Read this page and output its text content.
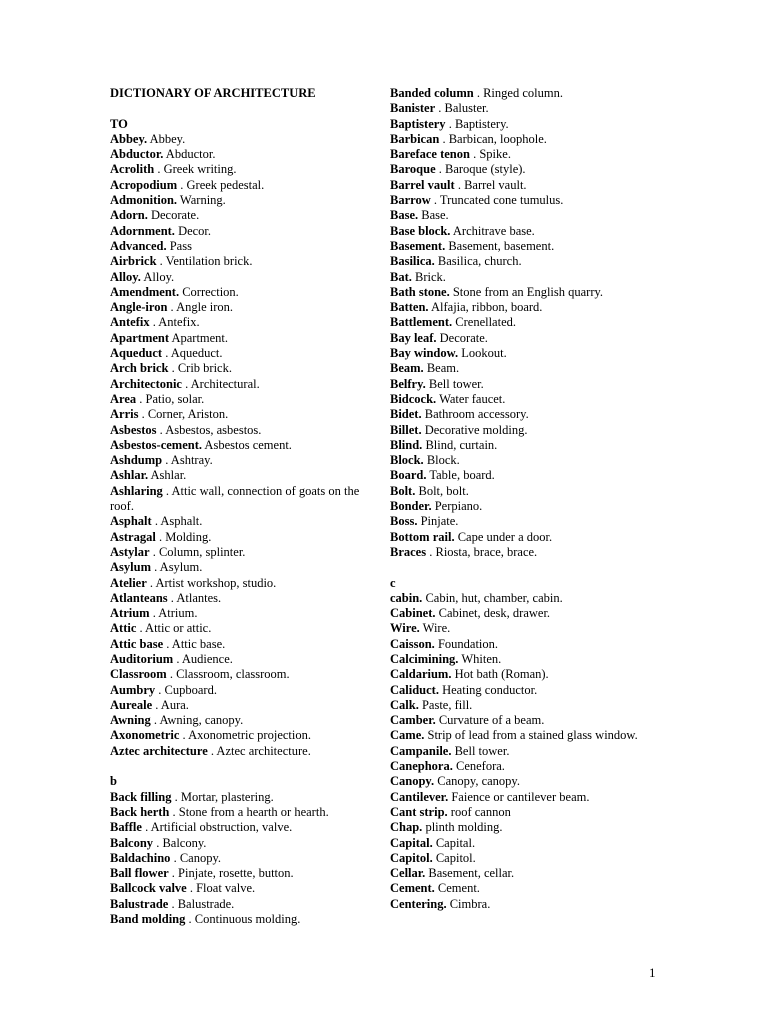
DICTIONARY OF ARCHITECTURE
TO
Abbey. Abbey.
Abductor. Abductor.
Acrolith . Greek writing.
Acropodium . Greek pedestal.
Admonition. Warning.
Adorn. Decorate.
Adornment. Decor.
Advanced. Pass
Airbrick . Ventilation brick.
Alloy. Alloy.
Amendment. Correction.
Angle-iron . Angle iron.
Antefix . Antefix.
Apartment Apartment.
Aqueduct . Aqueduct.
Arch brick . Crib brick.
Architectonic . Architectural.
Area . Patio, solar.
Arris . Corner, Ariston.
Asbestos . Asbestos, asbestos.
Asbestos-cement. Asbestos cement.
Ashdump . Ashtray.
Ashlar. Ashlar.
Ashlaring . Attic wall, connection of goats on the roof.
Asphalt . Asphalt.
Astragal . Molding.
Astylar . Column, splinter.
Asylum . Asylum.
Atelier . Artist workshop, studio.
Atlanteans . Atlantes.
Atrium . Atrium.
Attic . Attic or attic.
Attic base . Attic base.
Auditorium . Audience.
Classroom . Classroom, classroom.
Aumbry . Cupboard.
Aureale . Aura.
Awning . Awning, canopy.
Axonometric . Axonometric projection.
Aztec architecture . Aztec architecture.
b
Back filling . Mortar, plastering.
Back herth . Stone from a hearth or hearth.
Baffle . Artificial obstruction, valve.
Balcony . Balcony.
Baldachino . Canopy.
Ball flower . Pinjate, rosette, button.
Ballcock valve . Float valve.
Balustrade . Balustrade.
Band molding . Continuous molding.
Banded column . Ringed column.
Banister . Baluster.
Baptistery . Baptistery.
Barbican . Barbican, loophole.
Bareface tenon . Spike.
Baroque . Baroque (style).
Barrel vault . Barrel vault.
Barrow . Truncated cone tumulus.
Base. Base.
Base block. Architrave base.
Basement. Basement, basement.
Basilica. Basilica, church.
Bat. Brick.
Bath stone. Stone from an English quarry.
Batten. Alfajia, ribbon, board.
Battlement. Crenellated.
Bay leaf. Decorate.
Bay window. Lookout.
Beam. Beam.
Belfry. Bell tower.
Bidcock. Water faucet.
Bidet. Bathroom accessory.
Billet. Decorative molding.
Blind. Blind, curtain.
Block. Block.
Board. Table, board.
Bolt. Bolt, bolt.
Bonder. Perpiano.
Boss. Pinjate.
Bottom rail. Cape under a door.
Braces . Riosta, brace, brace.
c
cabin. Cabin, hut, chamber, cabin.
Cabinet. Cabinet, desk, drawer.
Wire. Wire.
Caisson. Foundation.
Calcimining. Whiten.
Caldarium. Hot bath (Roman).
Caliduct. Heating conductor.
Calk. Paste, fill.
Camber. Curvature of a beam.
Came. Strip of lead from a stained glass window.
Campanile. Bell tower.
Canephora. Cenefora.
Canopy. Canopy, canopy.
Cantilever. Faience or cantilever beam.
Cant strip. roof cannon
Chap. plinth molding.
Capital. Capital.
Capitol. Capitol.
Cellar. Basement, cellar.
Cement. Cement.
Centering. Cimbra.
1
